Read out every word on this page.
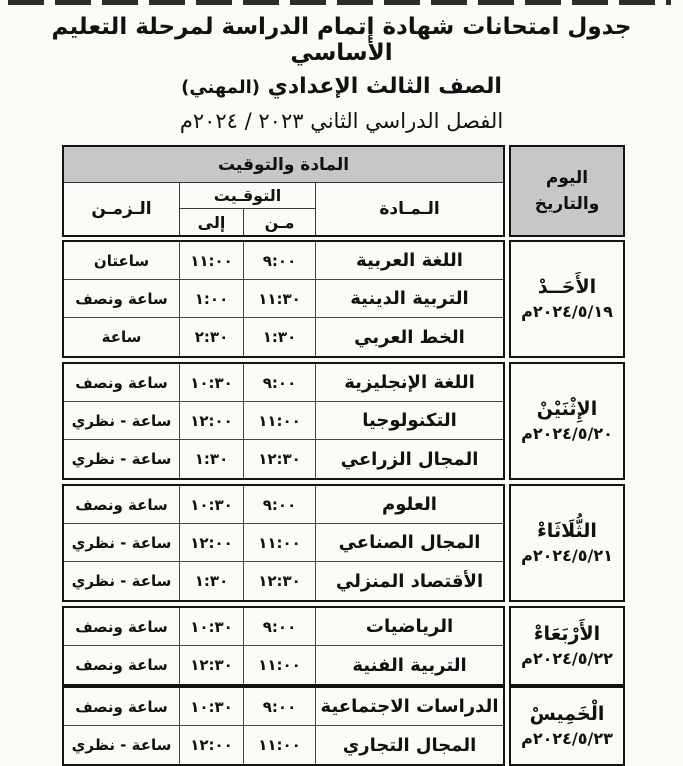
جدول امتحانات شهادة إتمام الدراسة لمرحلة التعليم الأساسي
الصف الثالث الإعدادي (المهني)
الفصل الدراسي الثاني ٢٠٢٣ / ٢٠٢٤م
اليوم والتاريخ
الأَحَــدْ
٢٠٢٤/٥/١٩م
الإِثْنَيْنْ
٢٠٢٤/٥/٢٠م
الثُّلَاثَاءْ
٢٠٢٤/٥/٢١م
الأَرْبَعَاءْ
٢٠٢٤/٥/٢٢م
الْخَمِيسْ
٢٠٢٤/٥/٢٣م
المادة والتوقيت
الـمـادة
التوقـيت
مـن
إلى
الـزمـن
اللغة العربية
٩:٠٠
١١:٠٠
ساعتان
التربية الدينية
١١:٣٠
١:٠٠
ساعة ونصف
الخط العربي
١:٣٠
٢:٣٠
ساعة
اللغة الإنجليزية
٩:٠٠
١٠:٣٠
ساعة ونصف
التكنولوجيا
١١:٠٠
١٢:٠٠
ساعة - نظري
المجال الزراعي
١٢:٣٠
١:٣٠
ساعة - نظري
العلوم
٩:٠٠
١٠:٣٠
ساعة ونصف
المجال الصناعي
١١:٠٠
١٢:٠٠
ساعة - نظري
الأقتصاد المنزلي
١٢:٣٠
١:٣٠
ساعة - نظري
الرياضيات
٩:٠٠
١٠:٣٠
ساعة ونصف
التربية الفنية
١١:٠٠
١٢:٣٠
ساعة ونصف
الدراسات الاجتماعية
٩:٠٠
١٠:٣٠
ساعة ونصف
المجال التجاري
١١:٠٠
١٢:٠٠
ساعة - نظري
